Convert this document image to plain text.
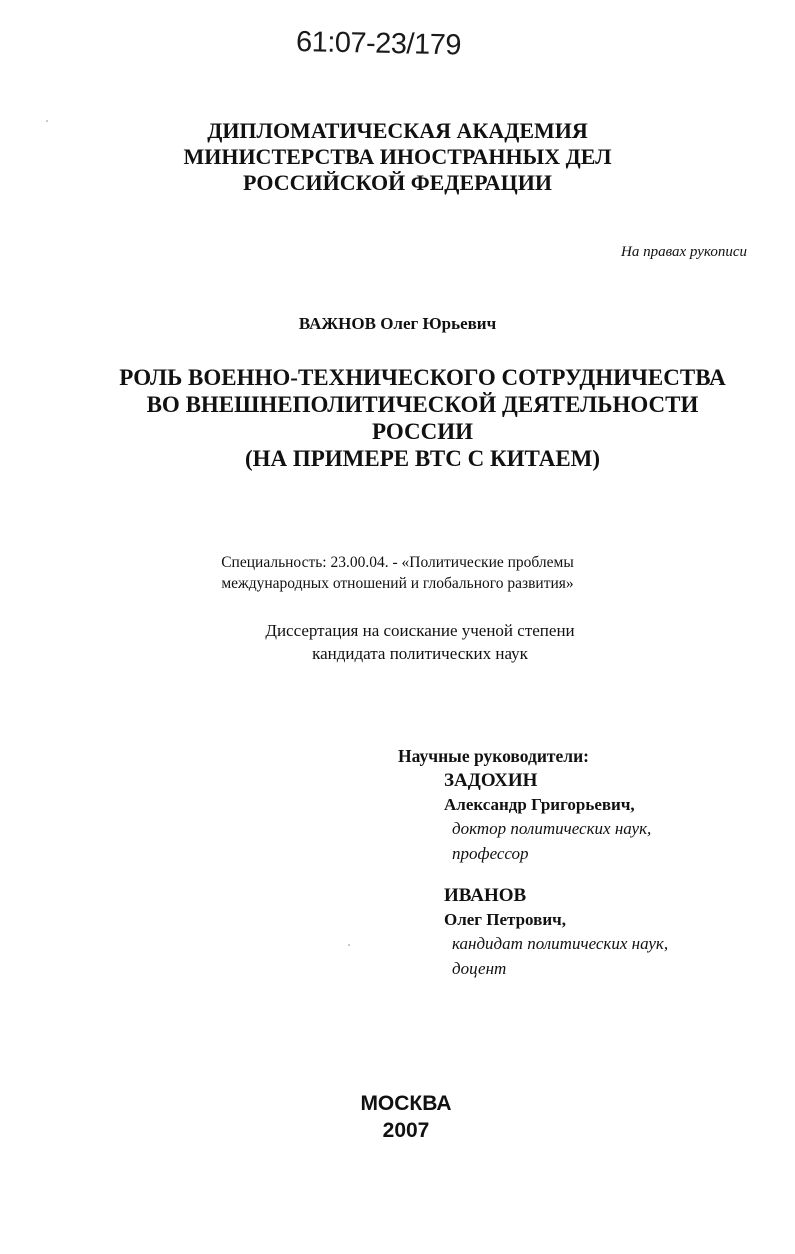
61:07-23/179
ДИПЛОМАТИЧЕСКАЯ АКАДЕМИЯ
МИНИСТЕРСТВА ИНОСТРАННЫХ ДЕЛ
РОССИЙСКОЙ ФЕДЕРАЦИИ
На правах рукописи
ВАЖНОВ Олег Юрьевич
РОЛЬ ВОЕННО-ТЕХНИЧЕСКОГО СОТРУДНИЧЕСТВА
ВО ВНЕШНЕПОЛИТИЧЕСКОЙ ДЕЯТЕЛЬНОСТИ
РОССИИ
(НА ПРИМЕРЕ ВТС С КИТАЕМ)
Специальность: 23.00.04. - «Политические проблемы
международных отношений и глобального развития»
Диссертация на соискание ученой степени
кандидата политических наук
Научные руководители:
ЗАДОХИН
Александр Григорьевич,
доктор политических наук,
профессор
ИВАНОВ
Олег Петрович,
кандидат политических наук,
доцент
МОСКВА
2007
